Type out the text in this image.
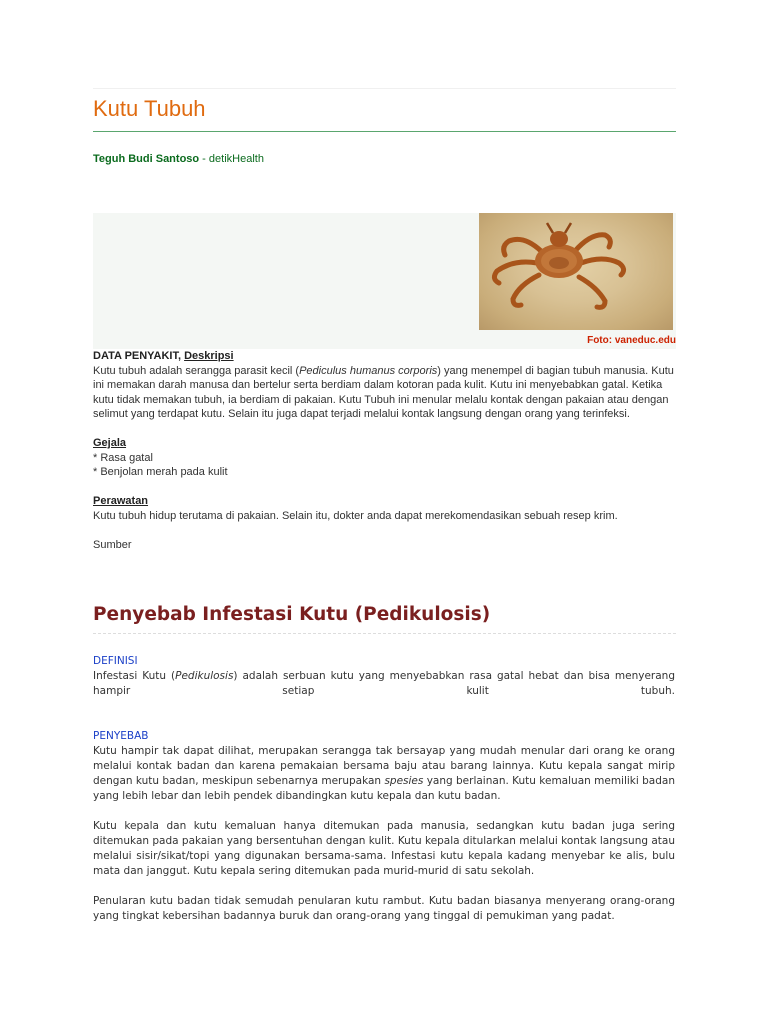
Kutu Tubuh
Teguh Budi Santoso - detikHealth
Foto: vaneduc.edu

DATA PENYAKIT, Deskripsi

Kutu tubuh adalah serangga parasit kecil (Pediculus humanus corporis) yang menempel di bagian tubuh manusia. Kutu ini memakan darah manusa dan bertelur serta berdiam dalam kotoran pada kulit. Kutu ini menyebabkan gatal. Ketika kutu tidak memakan tubuh, ia berdiam di pakaian. Kutu Tubuh ini menular melalu kontak dengan pakaian atau dengan selimut yang terdapat kutu. Selain itu juga dapat terjadi melalui kontak langsung dengan orang yang terinfeksi.

Gejala

* Rasa gatal

* Benjolan merah pada kulit

Perawatan

Kutu tubuh hidup terutama di pakaian. Selain itu, dokter anda dapat merekomendasikan sebuah resep krim.

Sumber

Penyebab Infestasi Kutu (Pedikulosis)

DEFINISI

Infestasi Kutu (Pedikulosis) adalah serbuan kutu yang menyebabkan rasa gatal hebat dan bisa menyerang hampir setiap kulit tubuh.

PENYEBAB

Kutu hampir tak dapat dilihat, merupakan serangga tak bersayap yang mudah menular dari orang ke orang melalui kontak badan dan karena pemakaian bersama baju atau barang lainnya. Kutu kepala sangat mirip dengan kutu badan, meskipun sebenarnya merupakan spesies yang berlainan. Kutu kemaluan memiliki badan yang lebih lebar dan lebih pendek dibandingkan kutu kepala dan kutu badan.

Kutu kepala dan kutu kemaluan hanya ditemukan pada manusia, sedangkan kutu badan juga sering ditemukan pada pakaian yang bersentuhan dengan kulit. Kutu kepala ditularkan melalui kontak langsung atau melalui sisir/sikat/topi yang digunakan bersama-sama. Infestasi kutu kepala kadang menyebar ke alis, bulu mata dan janggut. Kutu kepala sering ditemukan pada murid-murid di satu sekolah.

Penularan kutu badan tidak semudah penularan kutu rambut. Kutu badan biasanya menyerang orang-orang yang tingkat kebersihan badannya buruk dan orang-orang yang tinggal di pemukiman yang padat.
